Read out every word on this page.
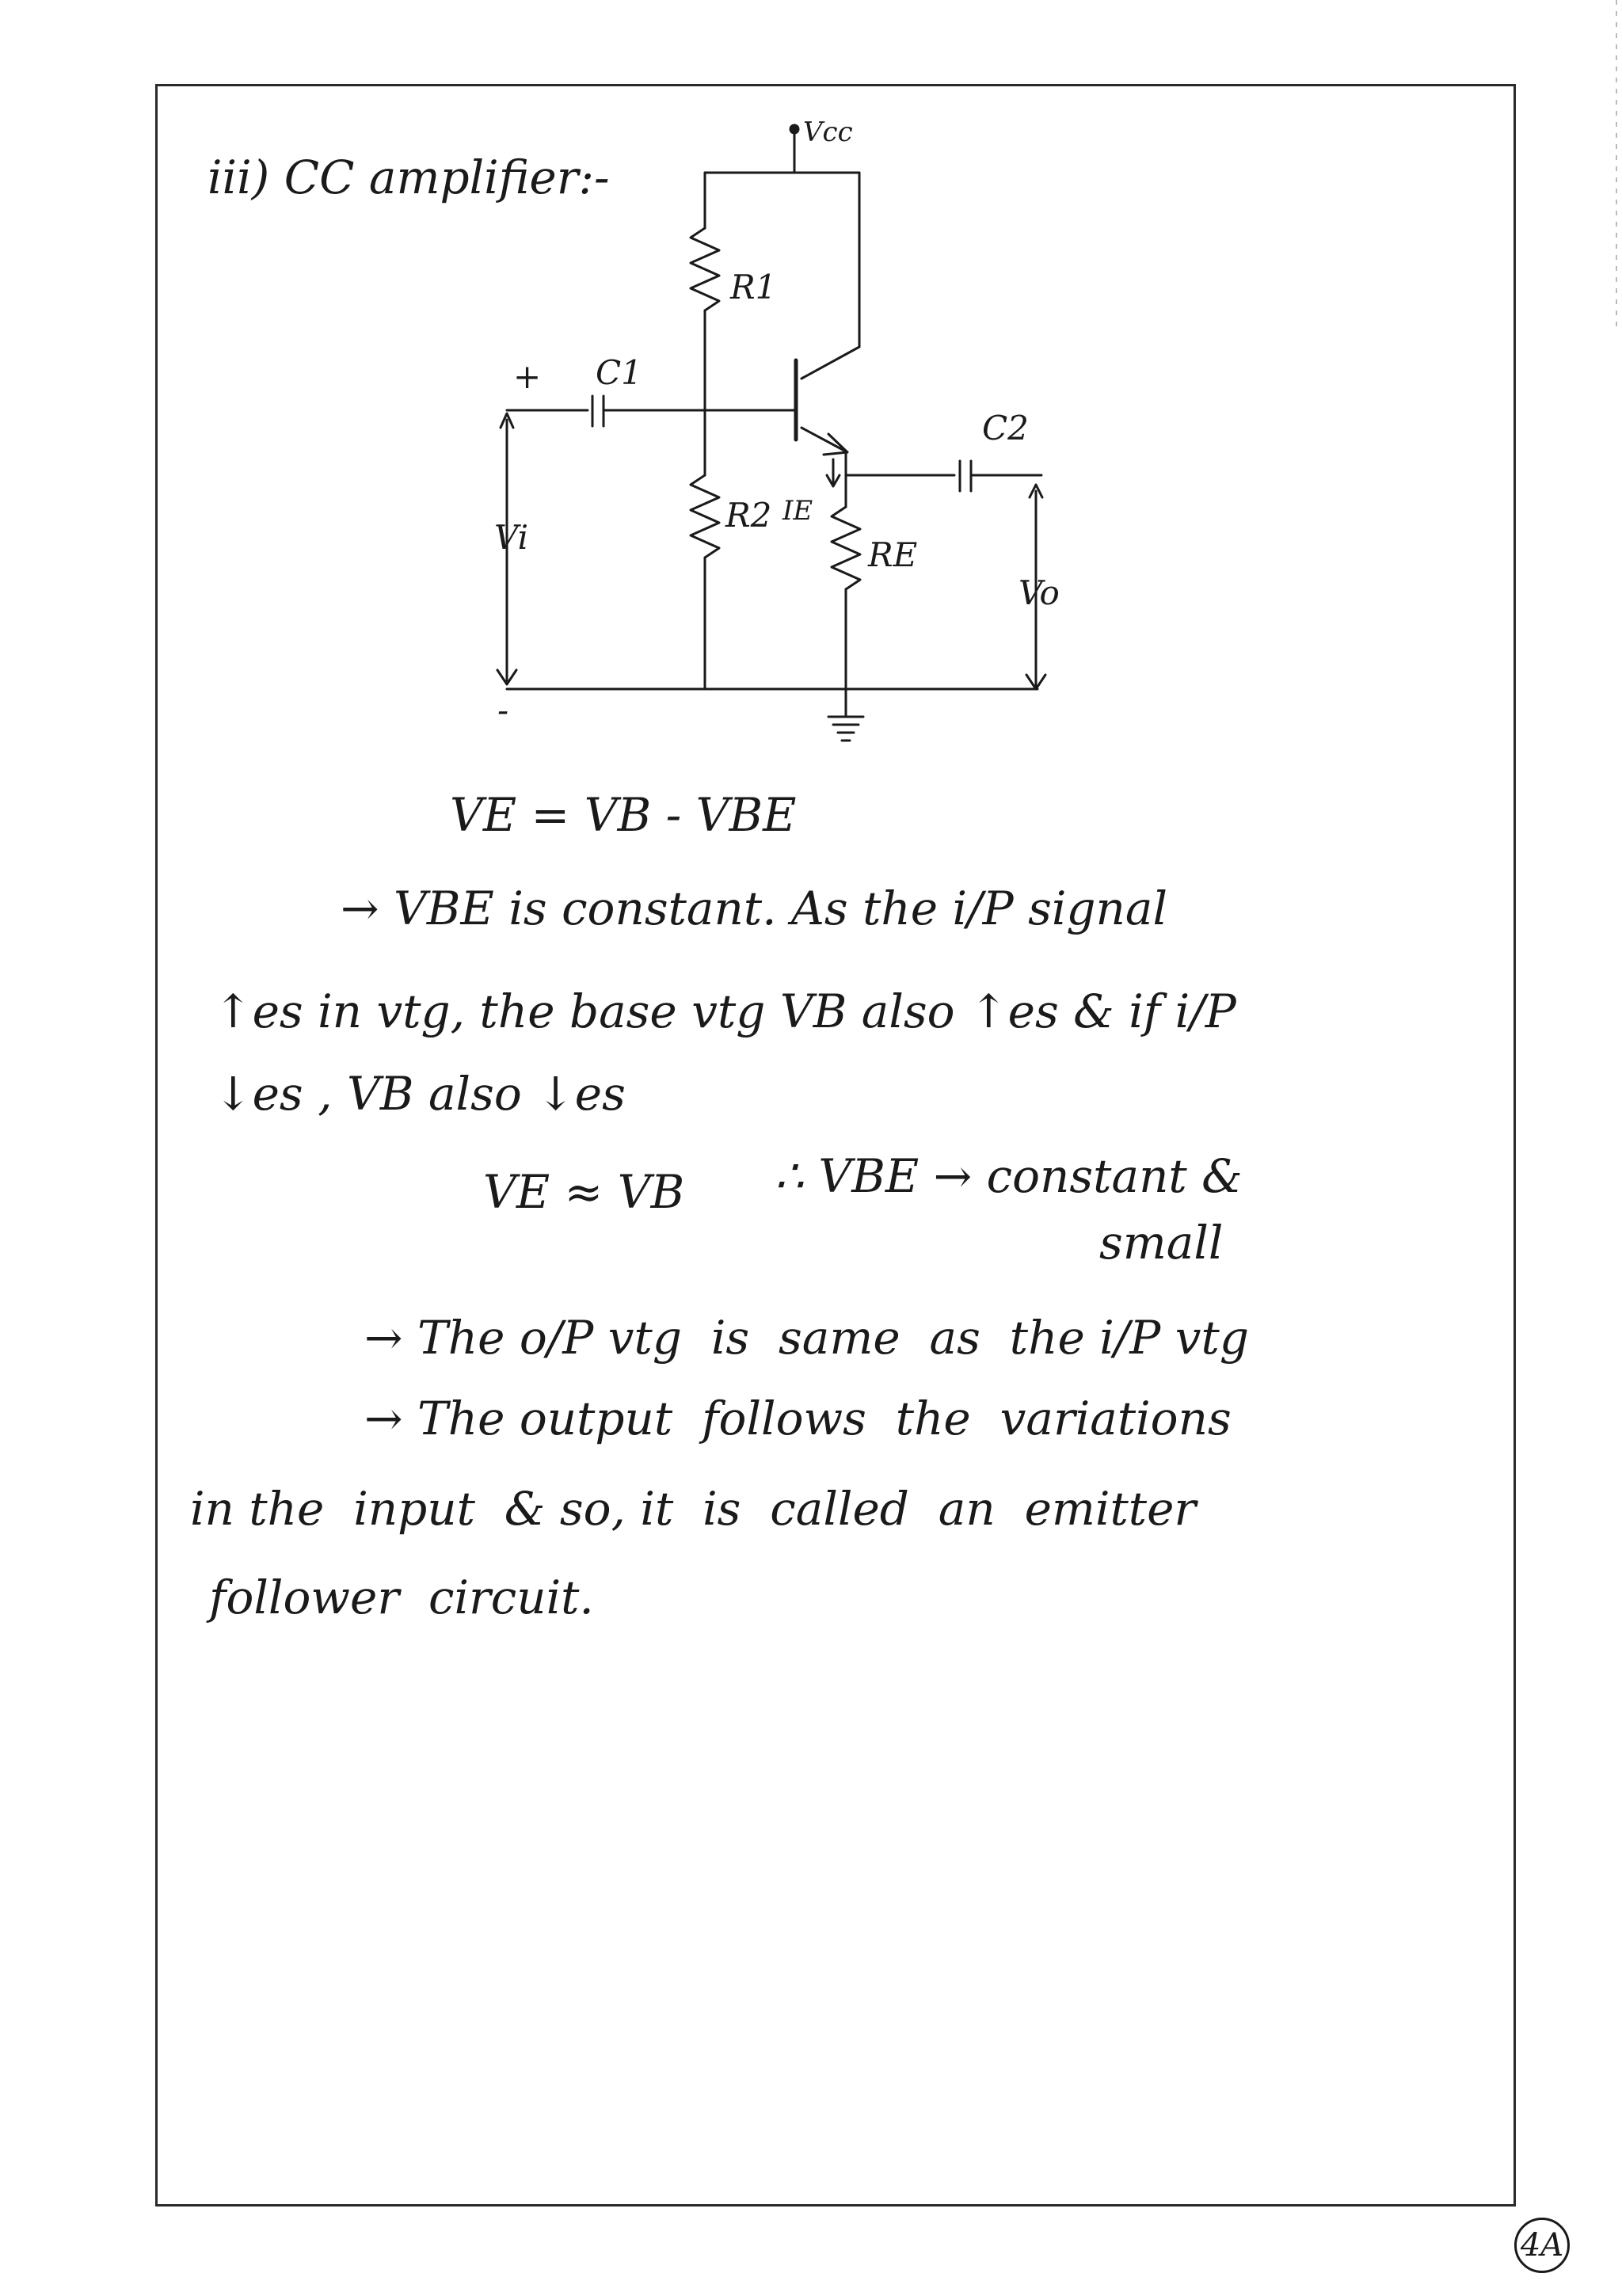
iii) CC amplifier:-
Vcc
R1
C1
+
C2
R2 IE
RE
Vi
Vo
-
VE = VB - VBE
→ VBE is constant. As the i/P signal
↑es in vtg, the base vtg VB also ↑es & if i/P
↓es , VB also ↓es
VE ≈ VB ∴ VBE → constant &
small
→ The o/P vtg  is  same  as  the i/P vtg
→ The output  follows  the  variations
in the  input  & so, it  is  called  an  emitter
follower  circuit.
4A
